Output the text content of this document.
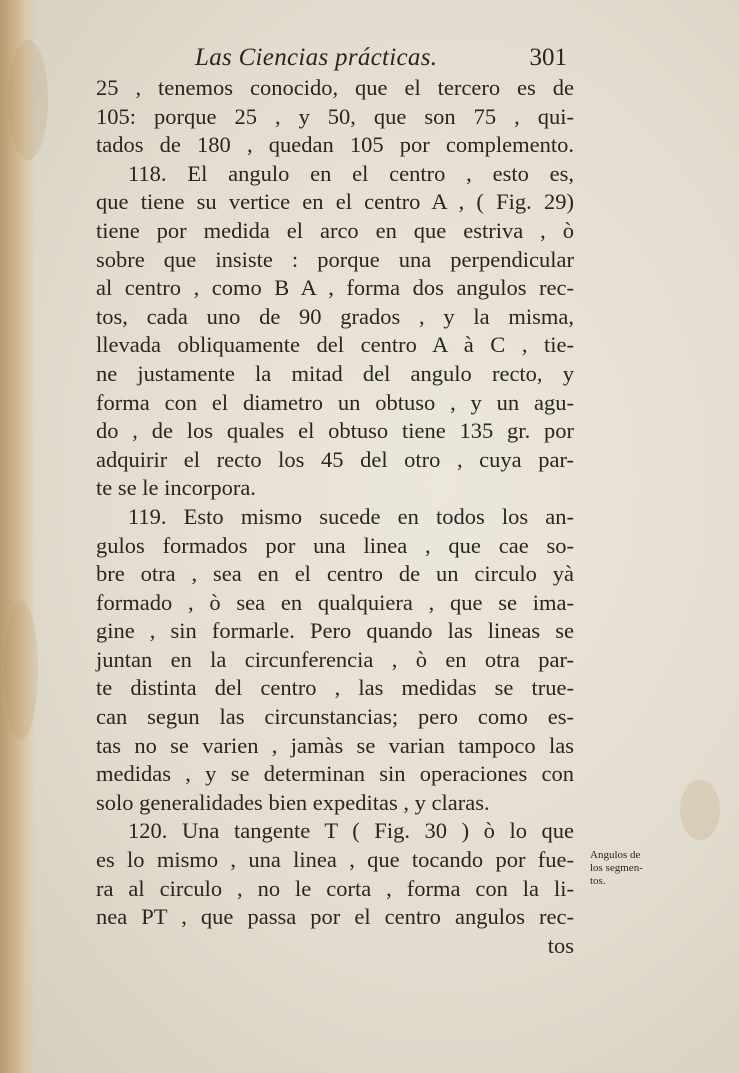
Las Ciencias prácticas.	301
25 , tenemos conocido, que el tercero es de
105: porque 25 , y 50, que son 75 , qui-
tados de 180 , quedan 105 por complemento.
118. El angulo en el centro , esto es,
que tiene su vertice en el centro A , ( Fig. 29)
tiene por medida el arco en que estriva , ò
sobre que insiste : porque una perpendicular
al centro , como B A , forma dos angulos rec-
tos, cada uno de 90 grados , y la misma,
llevada obliquamente del centro A à C , tie-
ne justamente la mitad del angulo recto, y
forma con el diametro un obtuso , y un agu-
do , de los quales el obtuso tiene 135 gr. por
adquirir el recto los 45 del otro , cuya par-
te se le incorpora.
119. Esto mismo sucede en todos los an-
gulos formados por una linea , que cae so-
bre otra , sea en el centro de un circulo yà
formado , ò sea en qualquiera , que se ima-
gine , sin formarle. Pero quando las lineas se
juntan en la circunferencia , ò en otra par-
te distinta del centro , las medidas se true-
can segun las circunstancias; pero como es-
tas no se varien , jamàs se varian tampoco las
medidas , y se determinan sin operaciones con
solo generalidades bien expeditas , y claras.
120. Una tangente T ( Fig. 30 ) ò lo que
es lo mismo , una linea , que tocando por fue-
ra al circulo , no le corta , forma con la li-
nea PT , que passa por el centro angulos rec-
tos
Angulos de
los segmen-
tos.
